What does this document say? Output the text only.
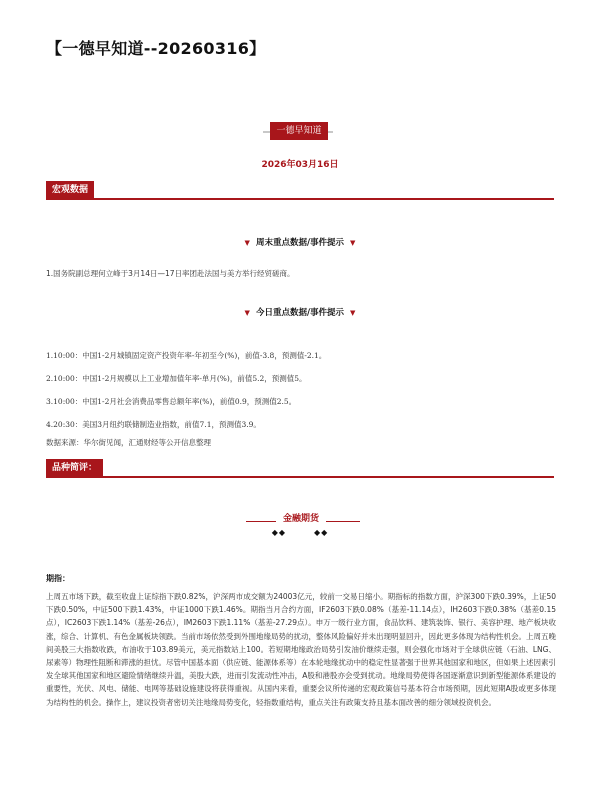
【一德早知道--20260316】
一德早知道
2026年03月16日
宏观数据
▼ 周末重点数据/事件提示 ▼
1.国务院副总理何立峰于3月14日—17日率团赴法国与美方举行经贸磋商。
▼ 今日重点数据/事件提示 ▼
1.10:00：中国1-2月城镇固定资产投资年率-年初至今(%)，前值-3.8，预测值-2.1。
2.10:00：中国1-2月规模以上工业增加值年率-单月(%)，前值5.2，预测值5。
3.10:00：中国1-2月社会消费品零售总额年率(%)，前值0.9，预测值2.5。
4.20:30：美国3月纽约联储制造业指数，前值7.1，预测值3.9。
数据来源：华尔街见闻，汇通财经等公开信息整理
品种简评：
金融期货
◆◆	◆◆
期指：
上周五市场下跌，截至收盘上证综指下跌0.82%，沪深两市成交额为24003亿元，较前一交易日缩小。期指标的指数方面，沪深300下跌0.39%，上证50下跌0.50%，中证500下跌1.43%，中证1000下跌1.46%。期指当月合约方面，IF2603下跌0.08%（基差-11.14点），IH2603下跌0.38%（基差0.15点），IC2603下跌1.14%（基差-26点），IM2603下跌1.11%（基差-27.29点）。申万一级行业方面，食品饮料、建筑装饰、银行、美容护理、地产板块收涨，综合、计算机、有色金属板块领跌。当前市场依然受到外围地缘局势的扰动，整体风险偏好并未出现明显回升，因此更多体现为结构性机会。上周五晚间美股三大指数收跌，布油收于103.89美元，美元指数站上100。若短期地缘政治局势引发油价继续走强，则会强化市场对于全球供应链（石油、LNG、尿素等）物理性阻断和滞涨的担忧。尽管中国基本面（供应链、能源体系等）在本轮地缘扰动中的稳定性显著强于世界其他国家和地区，但如果上述因素引发全球其他国家和地区避险情绪继续升温，美股大跌，进而引发流动性冲击，A股和港股亦会受到扰动。地缘局势使得各国逐渐意识到新型能源体系建设的重要性，光伏、风电、储能、电网等基础设施建设将获得重视。从国内来看，重要会议所传递的宏观政策信号基本符合市场预期，因此短期A股或更多体现为结构性的机会。操作上，建议投资者密切关注地缘局势变化，轻指数重结构，重点关注有政策支持且基本面改善的细分领域投资机会。
